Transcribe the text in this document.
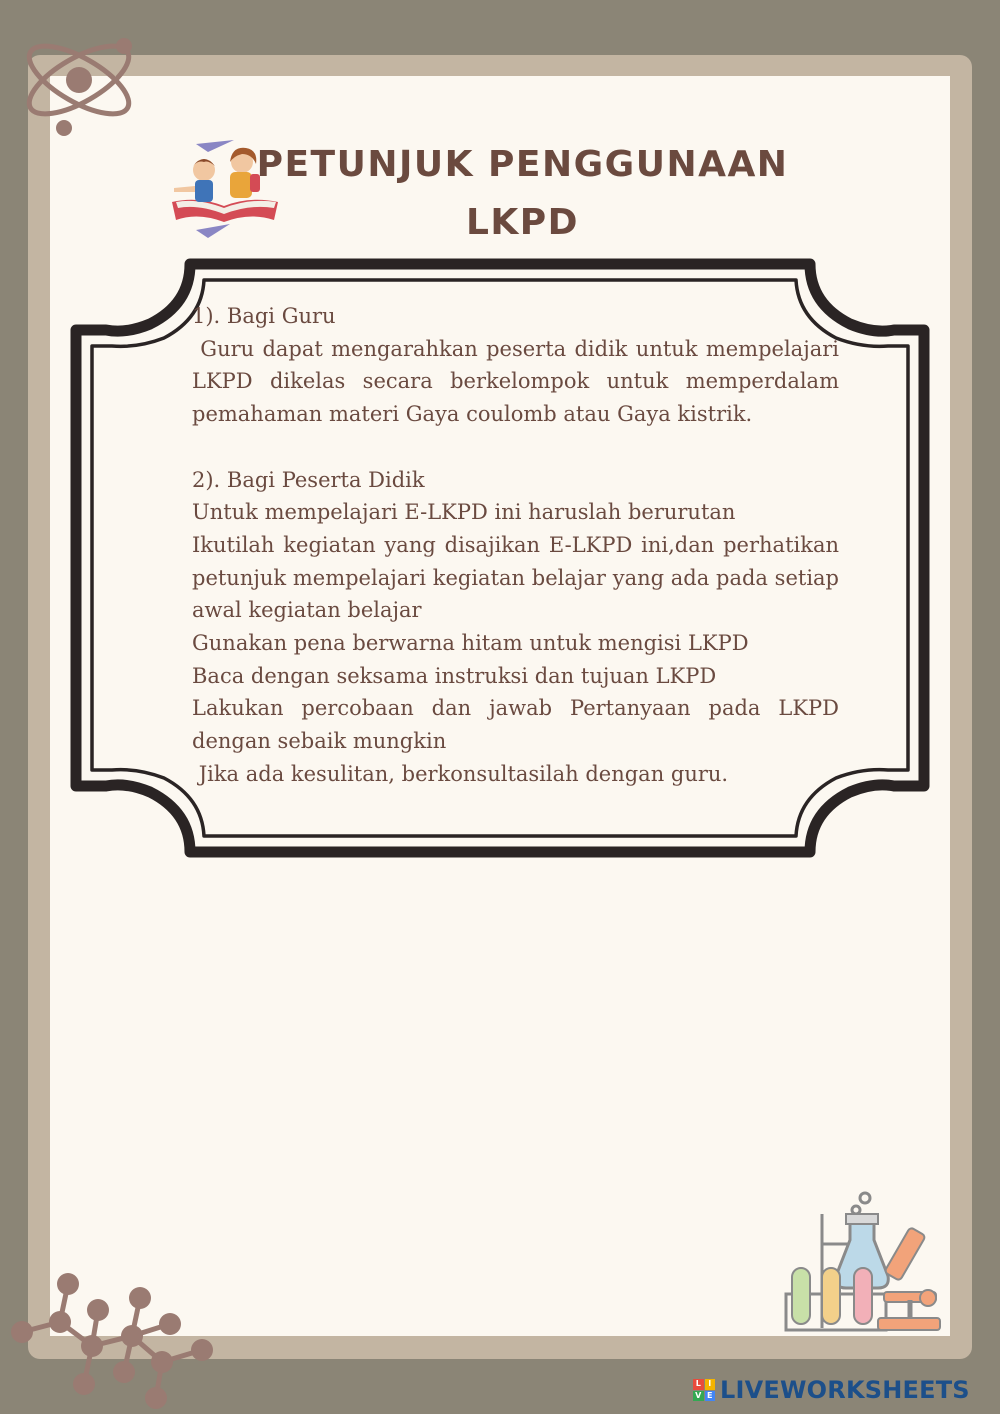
PETUNJUK PENGGUNAAN
LKPD

1). Bagi Guru

Guru dapat mengarahkan peserta didik untuk mempelajari LKPD dikelas secara berkelompok untuk memperdalam pemahaman materi Gaya coulomb atau Gaya kistrik.

2). Bagi Peserta Didik

Untuk mempelajari E-LKPD ini haruslah berurutan

Ikutilah kegiatan yang disajikan E-LKPD ini,dan perhatikan petunjuk mempelajari kegiatan belajar yang ada pada setiap awal kegiatan belajar

Gunakan pena berwarna hitam untuk mengisi LKPD

Baca dengan seksama instruksi dan tujuan LKPD

Lakukan percobaan dan jawab Pertanyaan pada LKPD dengan sebaik mungkin

Jika ada kesulitan, berkonsultasilah dengan guru.

L I
V E LIVEWORKSHEETS
